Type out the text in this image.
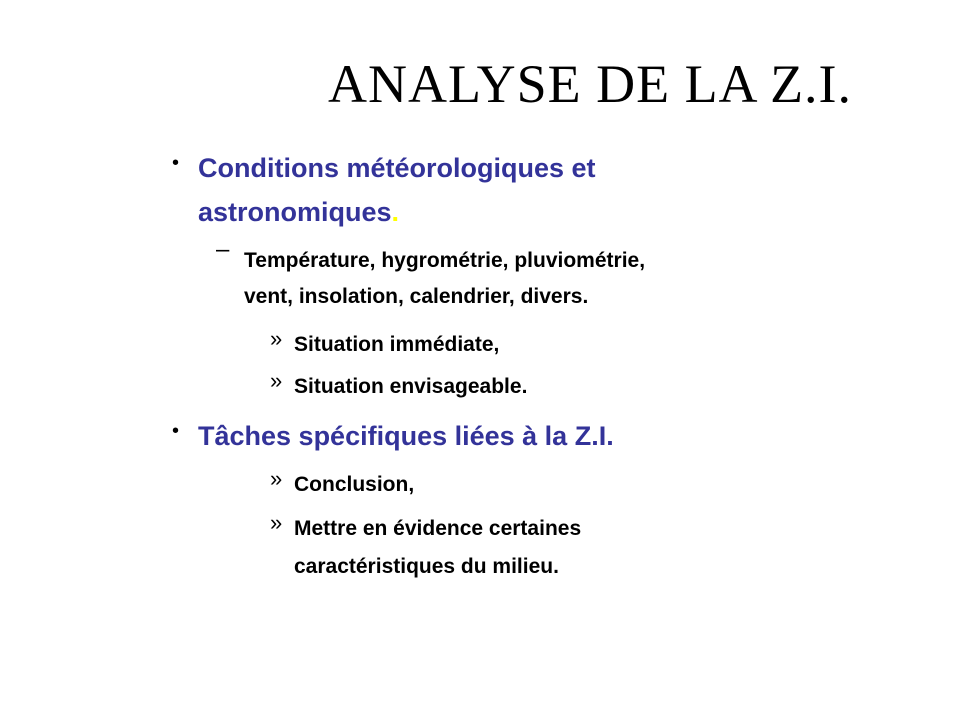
ANALYSE DE LA Z.I.
• Conditions météorologiques et
astronomiques.
– Température, hygrométrie, pluviométrie,
vent, insolation, calendrier, divers.
» Situation immédiate,
» Situation envisageable.
• Tâches spécifiques liées à la Z.I.
» Conclusion,
» Mettre en évidence certaines
caractéristiques du milieu.
